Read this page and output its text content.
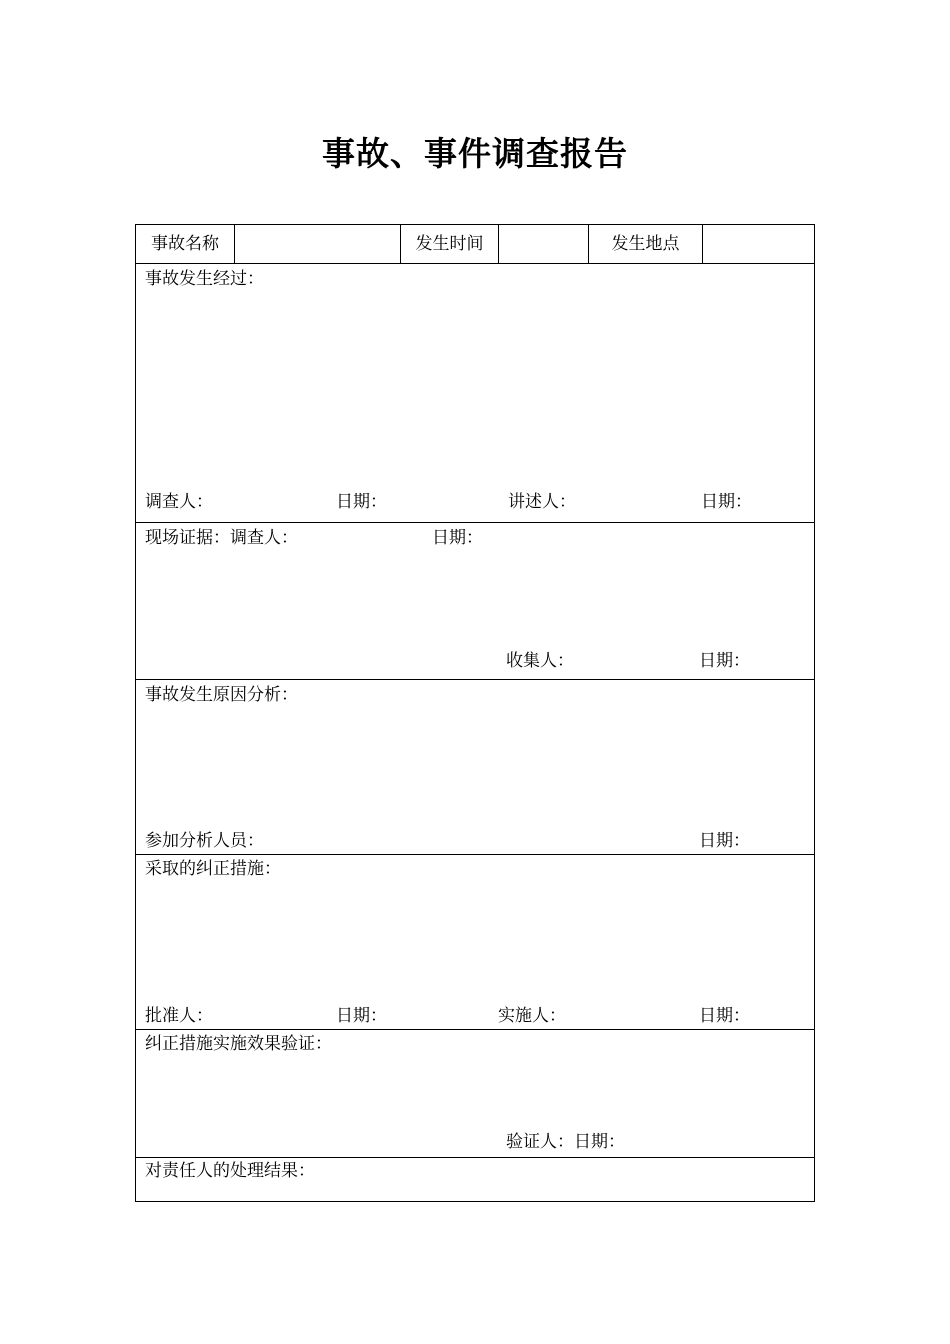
事故、事件调查报告
事故名称	发生时间	发生地点
事故发生经过：
调查人：	日期：	讲述人：	日期：
现场证据：调查人：	日期：
收集人：	日期：
事故发生原因分析：
参加分析人员：	日期：
采取的纠正措施：
批准人：	日期：	实施人：	日期：
纠正措施实施效果验证：
验证人：日期：
对责任人的处理结果：
